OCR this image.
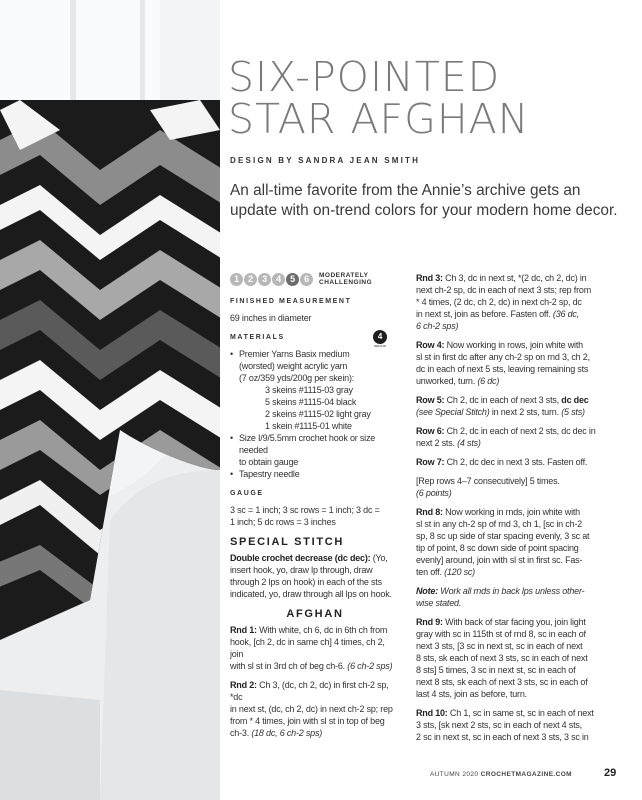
SIX-POINTED
STAR AFGHAN
DESIGN BY SANDRA JEAN SMITH
An all-time favorite from the Annie’s archive gets an update with on-trend colors for your modern home decor.
1	2	3	4	5	6	MODERATELY
CHALLENGING
FINISHED MEASUREMENT
69 inches in diameter
MATERIALS	4
MEDIUM
• Premier Yarns Basix medium
(worsted) weight acrylic yarn
(7 oz/359 yds/200g per skein):
3 skeins #1115-03 gray
5 skeins #1115-04 black
2 skeins #1115-02 light gray
1 skein #1115-01 white
• Size I/9/5.5mm crochet hook or size needed
to obtain gauge
• Tapestry needle
GAUGE
3 sc = 1 inch; 3 sc rows = 1 inch; 3 dc =
1 inch; 5 dc rows = 3 inches
SPECIAL STITCH
Double crochet decrease (dc dec): (Yo,
insert hook, yo, draw lp through, draw
through 2 lps on hook) in each of the sts
indicated, yo, draw through all lps on hook.
AFGHAN
Rnd 1: With white, ch 6, dc in 6th ch from
hook, [ch 2, dc in same ch] 4 times, ch 2, join
with sl st in 3rd ch of beg ch-6. (6 ch-2 sps)
Rnd 2: Ch 3, (dc, ch 2, dc) in first ch-2 sp, *dc
in next st, (dc, ch 2, dc) in next ch-2 sp; rep
from * 4 times, join with sl st in top of beg
ch-3. (18 dc, 6 ch-2 sps)
Rnd 3: Ch 3, dc in next st, *(2 dc, ch 2, dc) in
next ch-2 sp, dc in each of next 3 sts; rep from
* 4 times, (2 dc, ch 2, dc) in next ch-2 sp, dc
in next st, join as before. Fasten off. (36 dc,
6 ch-2 sps)
Row 4: Now working in rows, join white with
sl st in first dc after any ch-2 sp on rnd 3, ch 2,
dc in each of next 5 sts, leaving remaining sts
unworked, turn. (6 dc)
Row 5: Ch 2, dc in each of next 3 sts, dc dec
(see Special Stitch) in next 2 sts, turn. (5 sts)
Row 6: Ch 2, dc in each of next 2 sts, dc dec in
next 2 sts. (4 sts)
Row 7: Ch 2, dc dec in next 3 sts. Fasten off.
[Rep rows 4–7 consecutively] 5 times.
(6 points)
Rnd 8: Now working in rnds, join white with
sl st in any ch-2 sp of rnd 3, ch 1, [sc in ch-2
sp, 8 sc up side of star spacing evenly, 3 sc at
tip of point, 8 sc down side of point spacing
evenly] around, join with sl st in first sc. Fas-
ten off. (120 sc)
Note: Work all rnds in back lps unless other-
wise stated.
Rnd 9: With back of star facing you, join light
gray with sc in 115th st of rnd 8, sc in each of
next 3 sts, [3 sc in next st, sc in each of next
8 sts, sk each of next 3 sts, sc in each of next
8 sts] 5 times, 3 sc in next st, sc in each of
next 8 sts, sk each of next 3 sts, sc in each of
last 4 sts, join as before, turn.
Rnd 10: Ch 1, sc in same st, sc in each of next
3 sts, [sk next 2 sts, sc in each of next 4 sts,
2 sc in next st, sc in each of next 3 sts, 3 sc in
AUTUMN 2020 CROCHETMAGAZINE.COM	29
